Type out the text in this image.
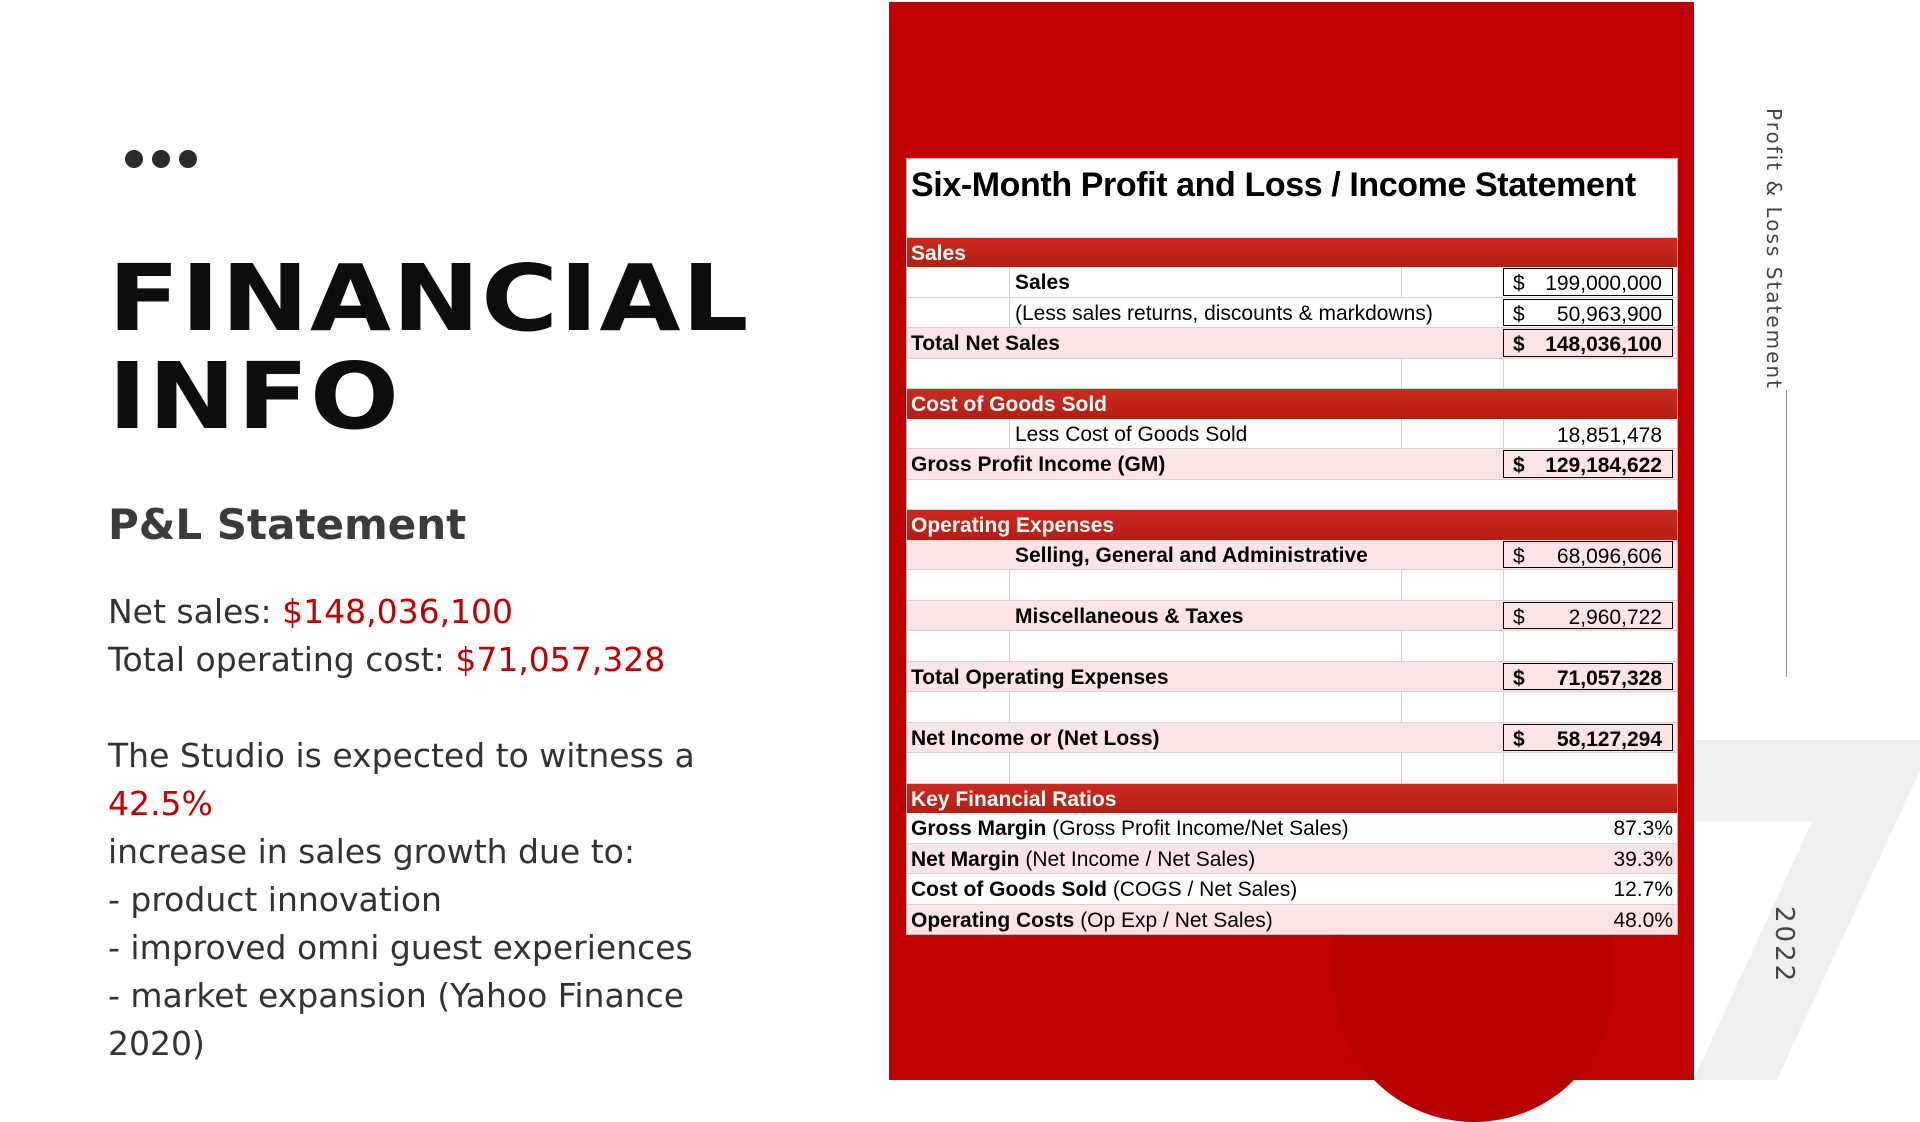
FINANCIAL
INFO
P&L Statement

Net sales: $148,036,100

Total operating cost: $71,057,328

The Studio is expected to witness a 42.5%

increase in sales growth due to:

- product innovation

- improved omni guest experiences

- market expansion (Yahoo Finance 2020)

Profit & Loss Statement
2022
Six-Month Profit and Loss / Income Statement
Sales
Sales	$ 199,000,000
(Less sales returns, discounts & markdowns)	$ 50,963,900
Total Net Sales	$ 148,036,100
Cost of Goods Sold
Less Cost of Goods Sold	18,851,478
Gross Profit Income (GM)	$ 129,184,622
Operating Expenses
Selling, General and Administrative	$ 68,096,606
Miscellaneous & Taxes	$ 2,960,722
Total Operating Expenses	$ 71,057,328
Net Income or (Net Loss)	$ 58,127,294
Key Financial Ratios
Gross Margin (Gross Profit Income/Net Sales)	87.3%
Net Margin (Net Income / Net Sales)	39.3%
Cost of Goods Sold (COGS / Net Sales)	12.7%
Operating Costs (Op Exp / Net Sales)	48.0%
